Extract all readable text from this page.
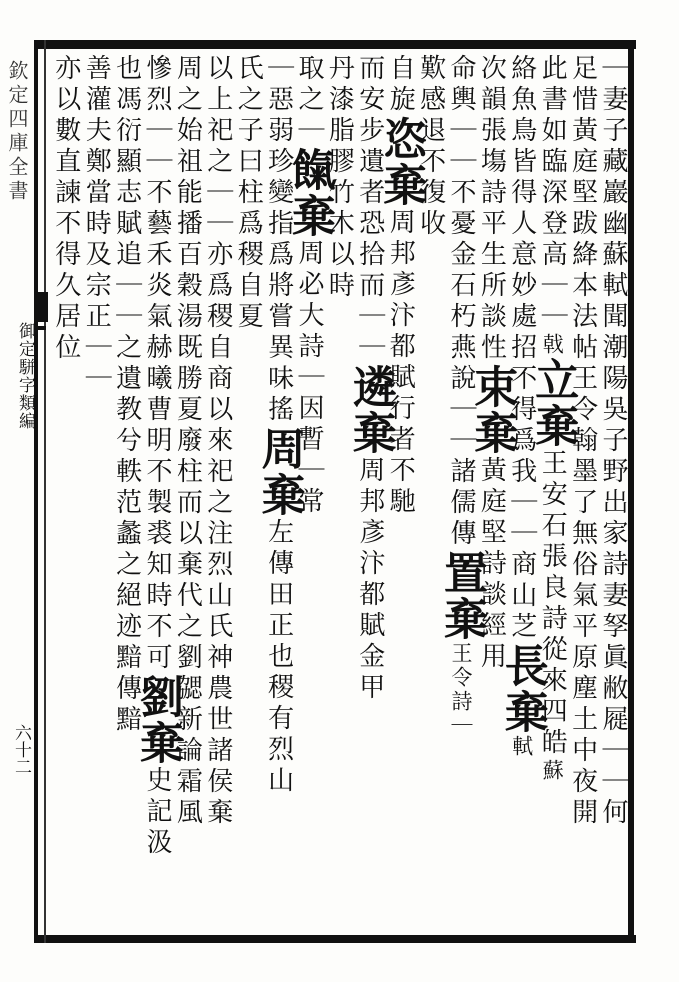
欽定四庫全書
御定駢字類編
六十二	｜妻子藏巖幽蘇軾聞潮陽吳子野出家詩妻孥眞敝屣｜｜何
足惜黃庭堅跋絳本法帖王令翰墨了無俗氣平原塵土中夜開
此書如臨深登高｜｜戟立棄王安石張良詩從來四皓蘇
絡魚鳥皆得人意妙處招不得爲我｜｜商山芝長棄軾
次韻張塲詩平生所談性束棄黃庭堅詩談經用
命輿｜｜不憂金石朽燕說｜｜諸儒傳置棄王令詩｜
歎感退不復收
自旋恣棄周邦彥汴都賦行者不馳
而安步遺者恐拾而｜｜遴棄周邦彥汴都賦金甲
丹漆脂膠竹木以時
取之｜餼棄周必大詩｜因暫｜常
｜惡弱珍變指爲將嘗異味搖周棄左傳田正也稷有烈山
氏之子曰柱爲稷自夏
以上祀之｜｜亦爲稷自商以來祀之注烈山氏神農世諸侯棄
周之始祖能播百穀湯既勝夏廢柱而以棄代之劉勰新論霜風
慘烈｜｜不藝禾炎氣赫曦曹明不製裘知時不可劉棄史記汲
也馮衍顯志賦追｜｜之遺教兮軼范蠡之絕迹黯傳黯
善灌夫鄭當時及宗正｜｜
亦以數直諫不得久居位
